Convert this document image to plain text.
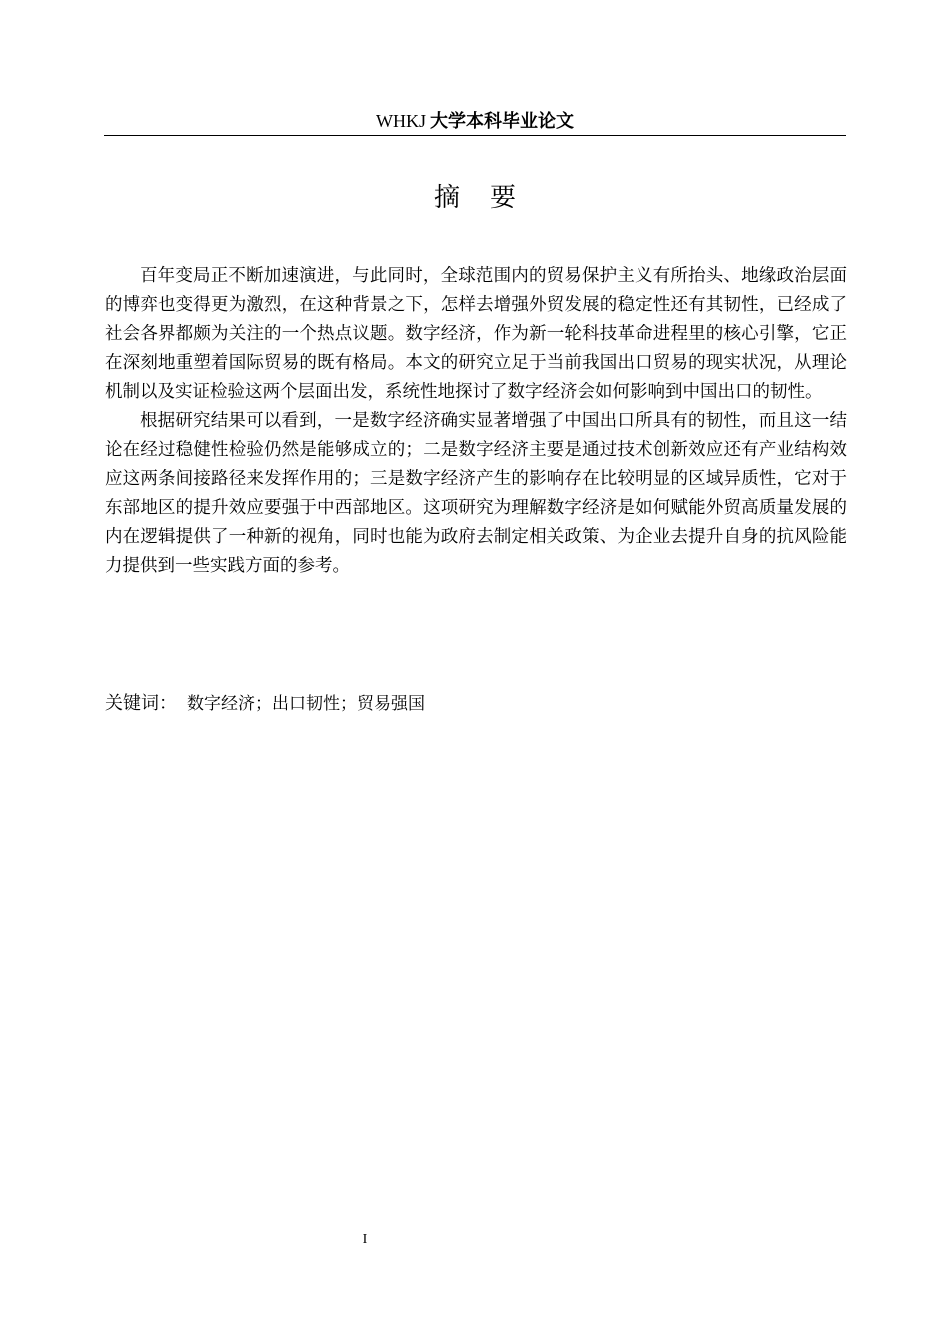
WHKJ 大学本科毕业论文
摘要

百年变局正不断加速演进，与此同时，全球范围内的贸易保护主义有所抬头、地缘政治层面的博弈也变得更为激烈，在这种背景之下，怎样去增强外贸发展的稳定性还有其韧性，已经成了社会各界都颇为关注的一个热点议题。数字经济，作为新一轮科技革命进程里的核心引擎，它正在深刻地重塑着国际贸易的既有格局。本文的研究立足于当前我国出口贸易的现实状况，从理论机制以及实证检验这两个层面出发，系统性地探讨了数字经济会如何影响到中国出口的韧性。

根据研究结果可以看到，一是数字经济确实显著增强了中国出口所具有的韧性，而且这一结论在经过稳健性检验仍然是能够成立的；二是数字经济主要是通过技术创新效应还有产业结构效应这两条间接路径来发挥作用的；三是数字经济产生的影响存在比较明显的区域异质性，它对于东部地区的提升效应要强于中西部地区。这项研究为理解数字经济是如何赋能外贸高质量发展的内在逻辑提供了一种新的视角，同时也能为政府去制定相关政策、为企业去提升自身的抗风险能力提供到一些实践方面的参考。

关键词： 数字经济；出口韧性；贸易强国
I
